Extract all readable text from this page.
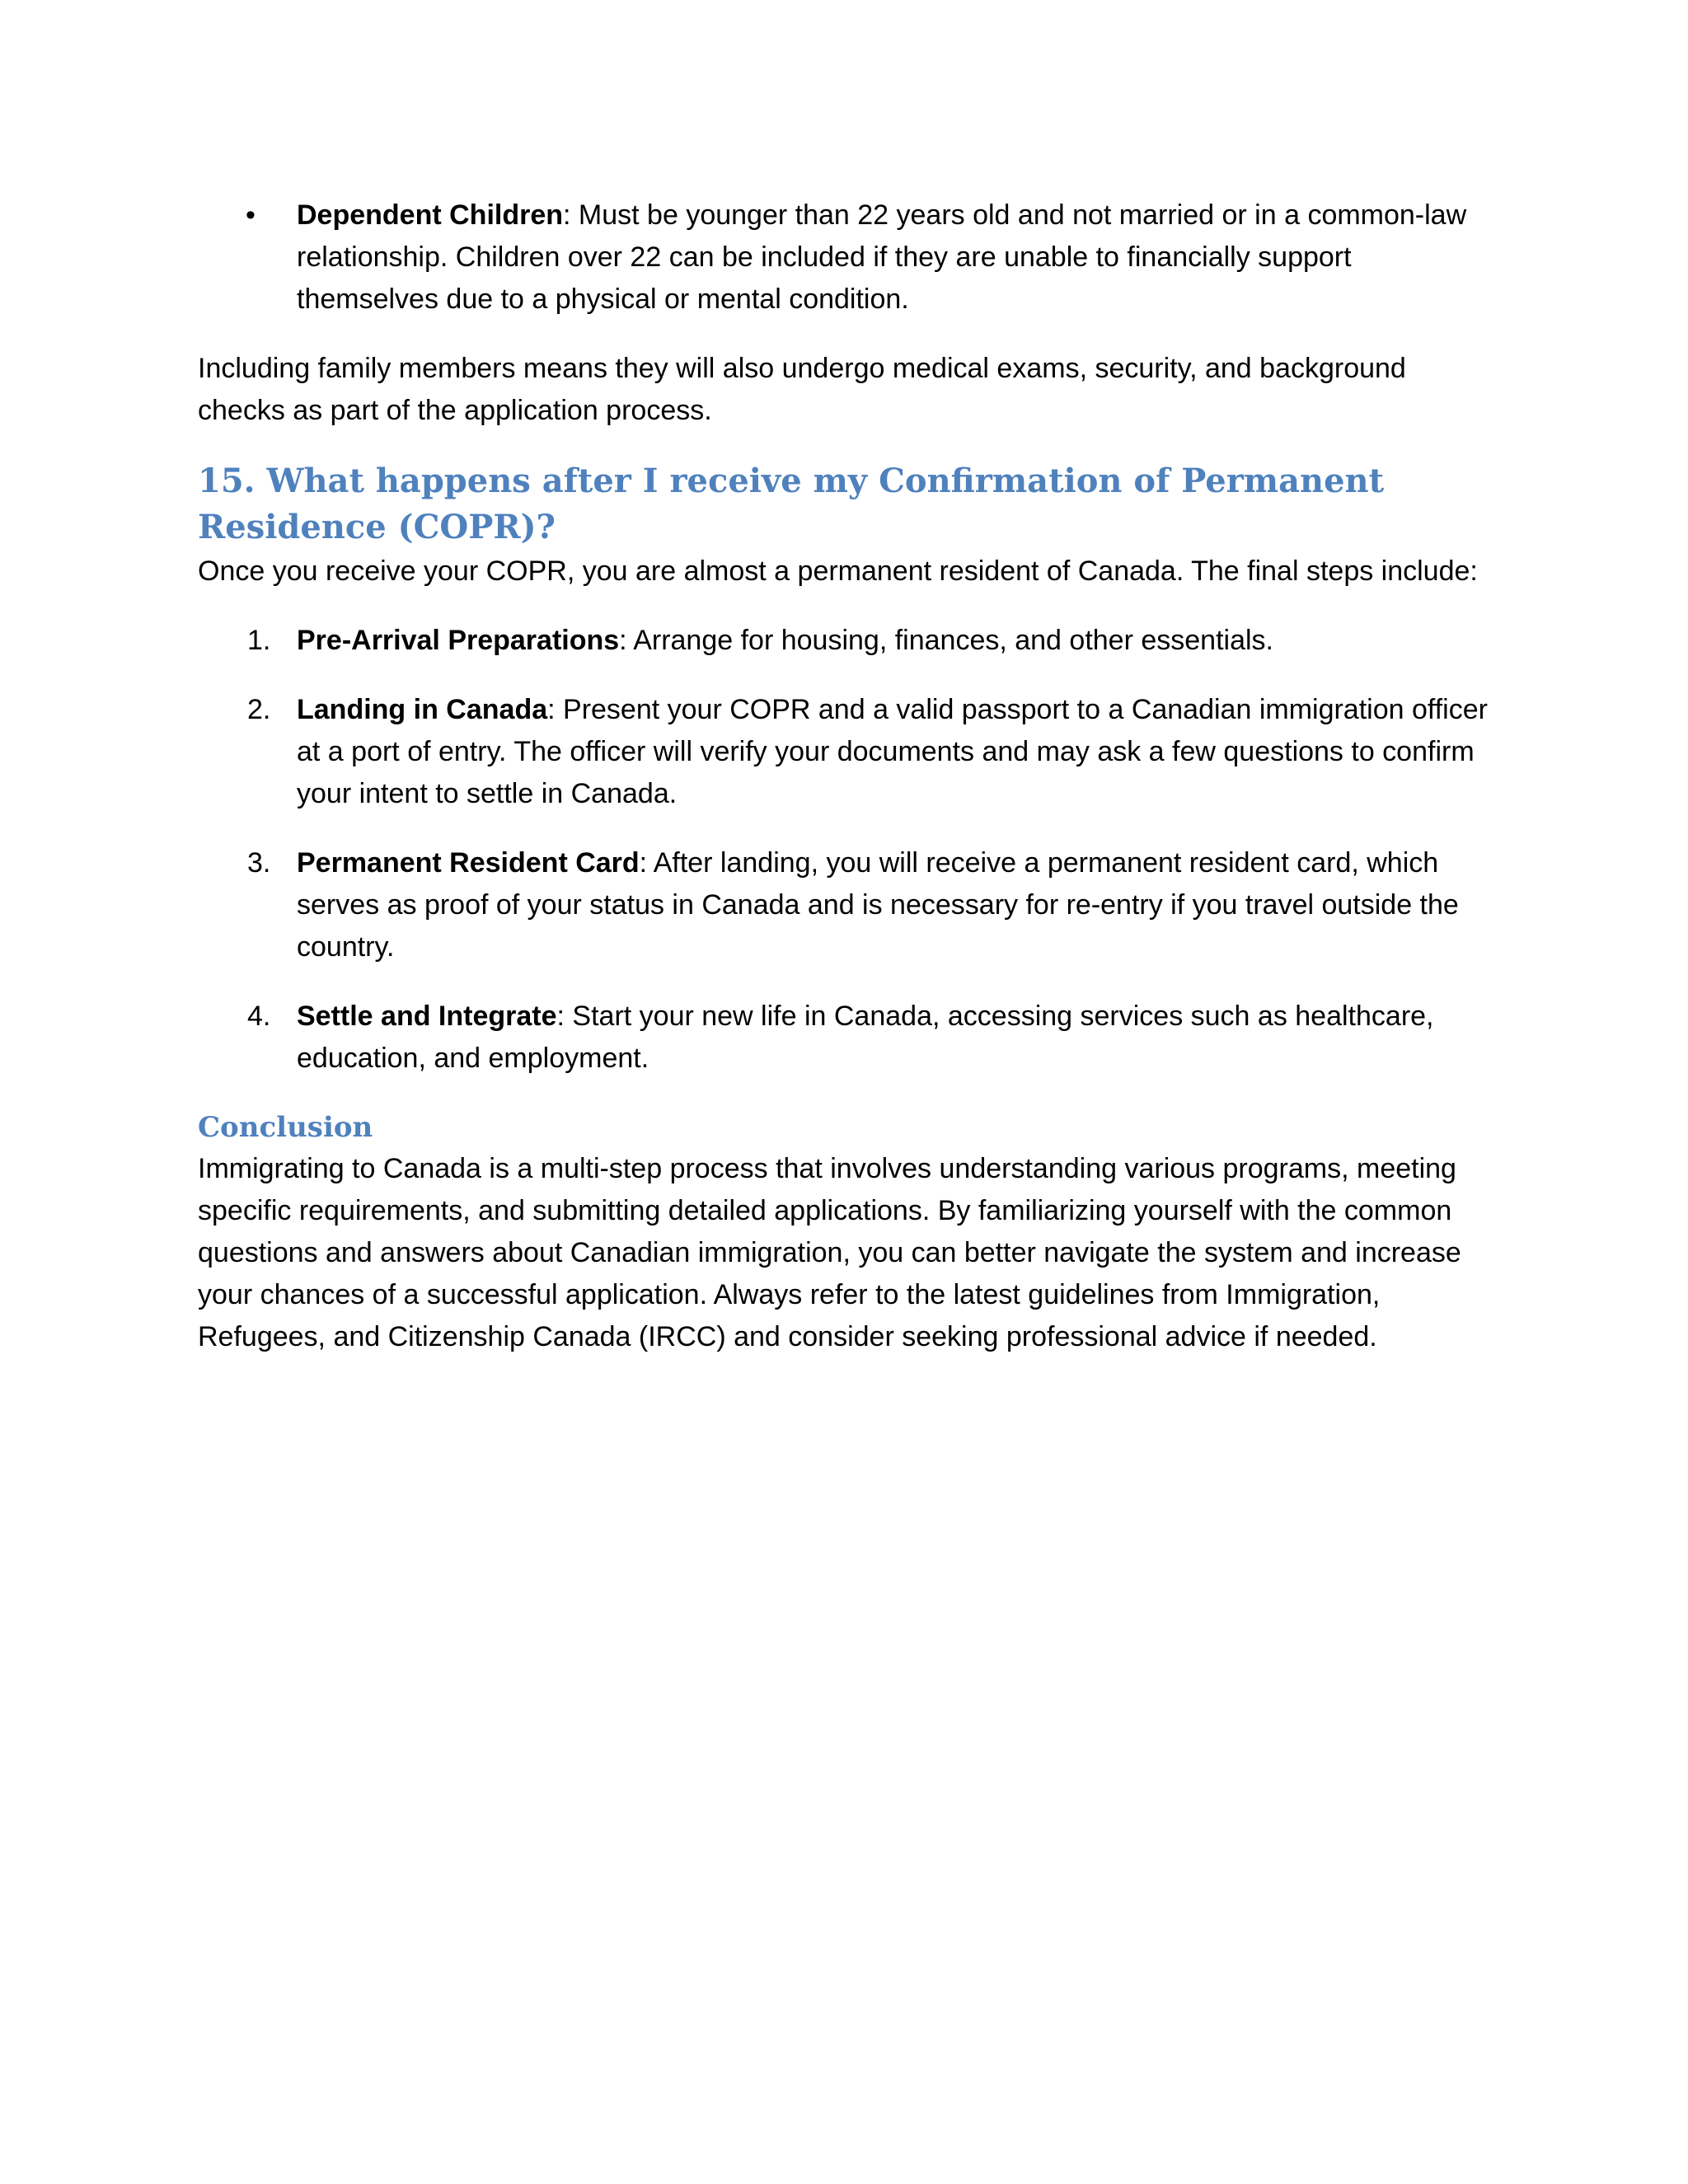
• Dependent Children: Must be younger than 22 years old and not married or in a common-law relationship. Children over 22 can be included if they are unable to financially support themselves due to a physical or mental condition.

Including family members means they will also undergo medical exams, security, and background checks as part of the application process.

15. What happens after I receive my Confirmation of Permanent Residence (COPR)?

Once you receive your COPR, you are almost a permanent resident of Canada. The final steps include:

1. Pre-Arrival Preparations: Arrange for housing, finances, and other essentials.
2. Landing in Canada: Present your COPR and a valid passport to a Canadian immigration officer at a port of entry. The officer will verify your documents and may ask a few questions to confirm your intent to settle in Canada.
3. Permanent Resident Card: After landing, you will receive a permanent resident card, which serves as proof of your status in Canada and is necessary for re-entry if you travel outside the country.
4. Settle and Integrate: Start your new life in Canada, accessing services such as healthcare, education, and employment.
Conclusion

Immigrating to Canada is a multi-step process that involves understanding various programs, meeting specific requirements, and submitting detailed applications. By familiarizing yourself with the common questions and answers about Canadian immigration, you can better navigate the system and increase your chances of a successful application. Always refer to the latest guidelines from Immigration, Refugees, and Citizenship Canada (IRCC) and consider seeking professional advice if needed.
